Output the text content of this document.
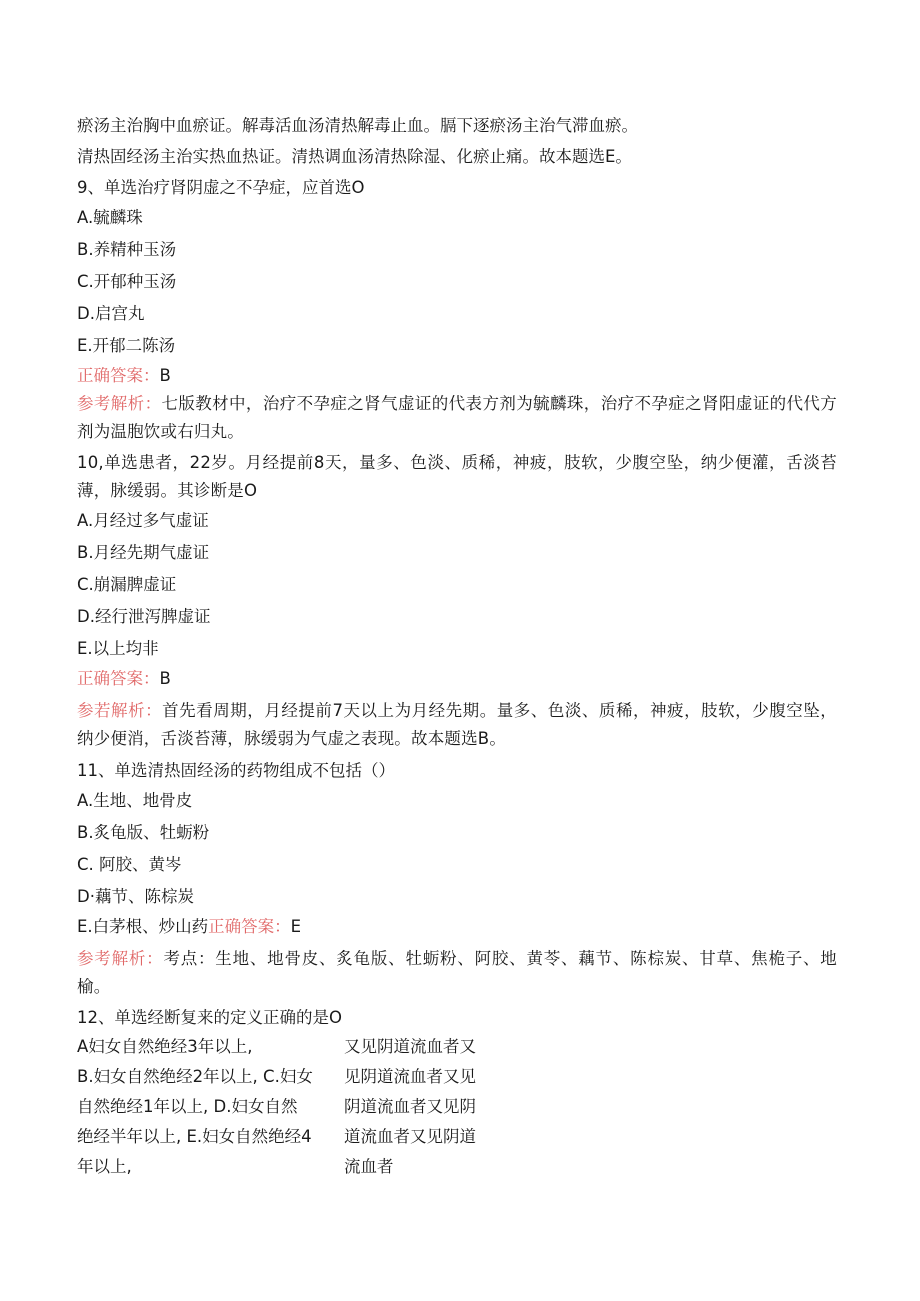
瘀汤主治胸中血瘀证。解毒活血汤清热解毒止血。膈下逐瘀汤主治气滞血瘀。
清热固经汤主治实热血热证。清热调血汤清热除湿、化瘀止痛。故本题选E。
9、单选治疗肾阴虚之不孕症，应首选O
A.毓麟珠
B.养精种玉汤
C.开郁种玉汤
D.启宫丸
E.开郁二陈汤
正确答案：B
参考解析：七版教材中，治疗不孕症之肾气虚证的代表方剂为毓麟珠，治疗不孕症之肾阳虚证的代代方剂为温胞饮或右归丸。
10,单选患者，22岁。月经提前8天，量多、色淡、质稀，神疲，肢软，少腹空坠，纳少便灌，舌淡苔薄，脉缓弱。其诊断是O
A.月经过多气虚证
B.月经先期气虚证
C.崩漏脾虚证
D.经行泄泻脾虚证
E.以上均非
正确答案：B
参若解析：首先看周期，月经提前7天以上为月经先期。量多、色淡、质稀，神疲，肢软，少腹空坠，纳少便消，舌淡苔薄，脉缓弱为气虚之表现。故本题选B。
11、单选清热固经汤的药物组成不包括（）
A.生地、地骨皮
B.炙龟版、牡蛎粉
C. 阿胶、黄岑
D·藕节、陈棕炭
E.白茅根、炒山药正确答案：E
参考解析：考点：生地、地骨皮、炙龟版、牡蛎粉、阿胶、黄苓、藕节、陈棕炭、甘草、焦桅子、地榆。
12、单选经断复来的定义正确的是O
A妇女自然绝经3年以上,
B.妇女自然绝经2年以上, C.妇女
自然绝经1年以上, D.妇女自然
绝经半年以上, E.妇女自然绝经4
年以上,
又见阴道流血者又
见阴道流血者又见
阴道流血者又见阴
道流血者又见阴道
流血者
